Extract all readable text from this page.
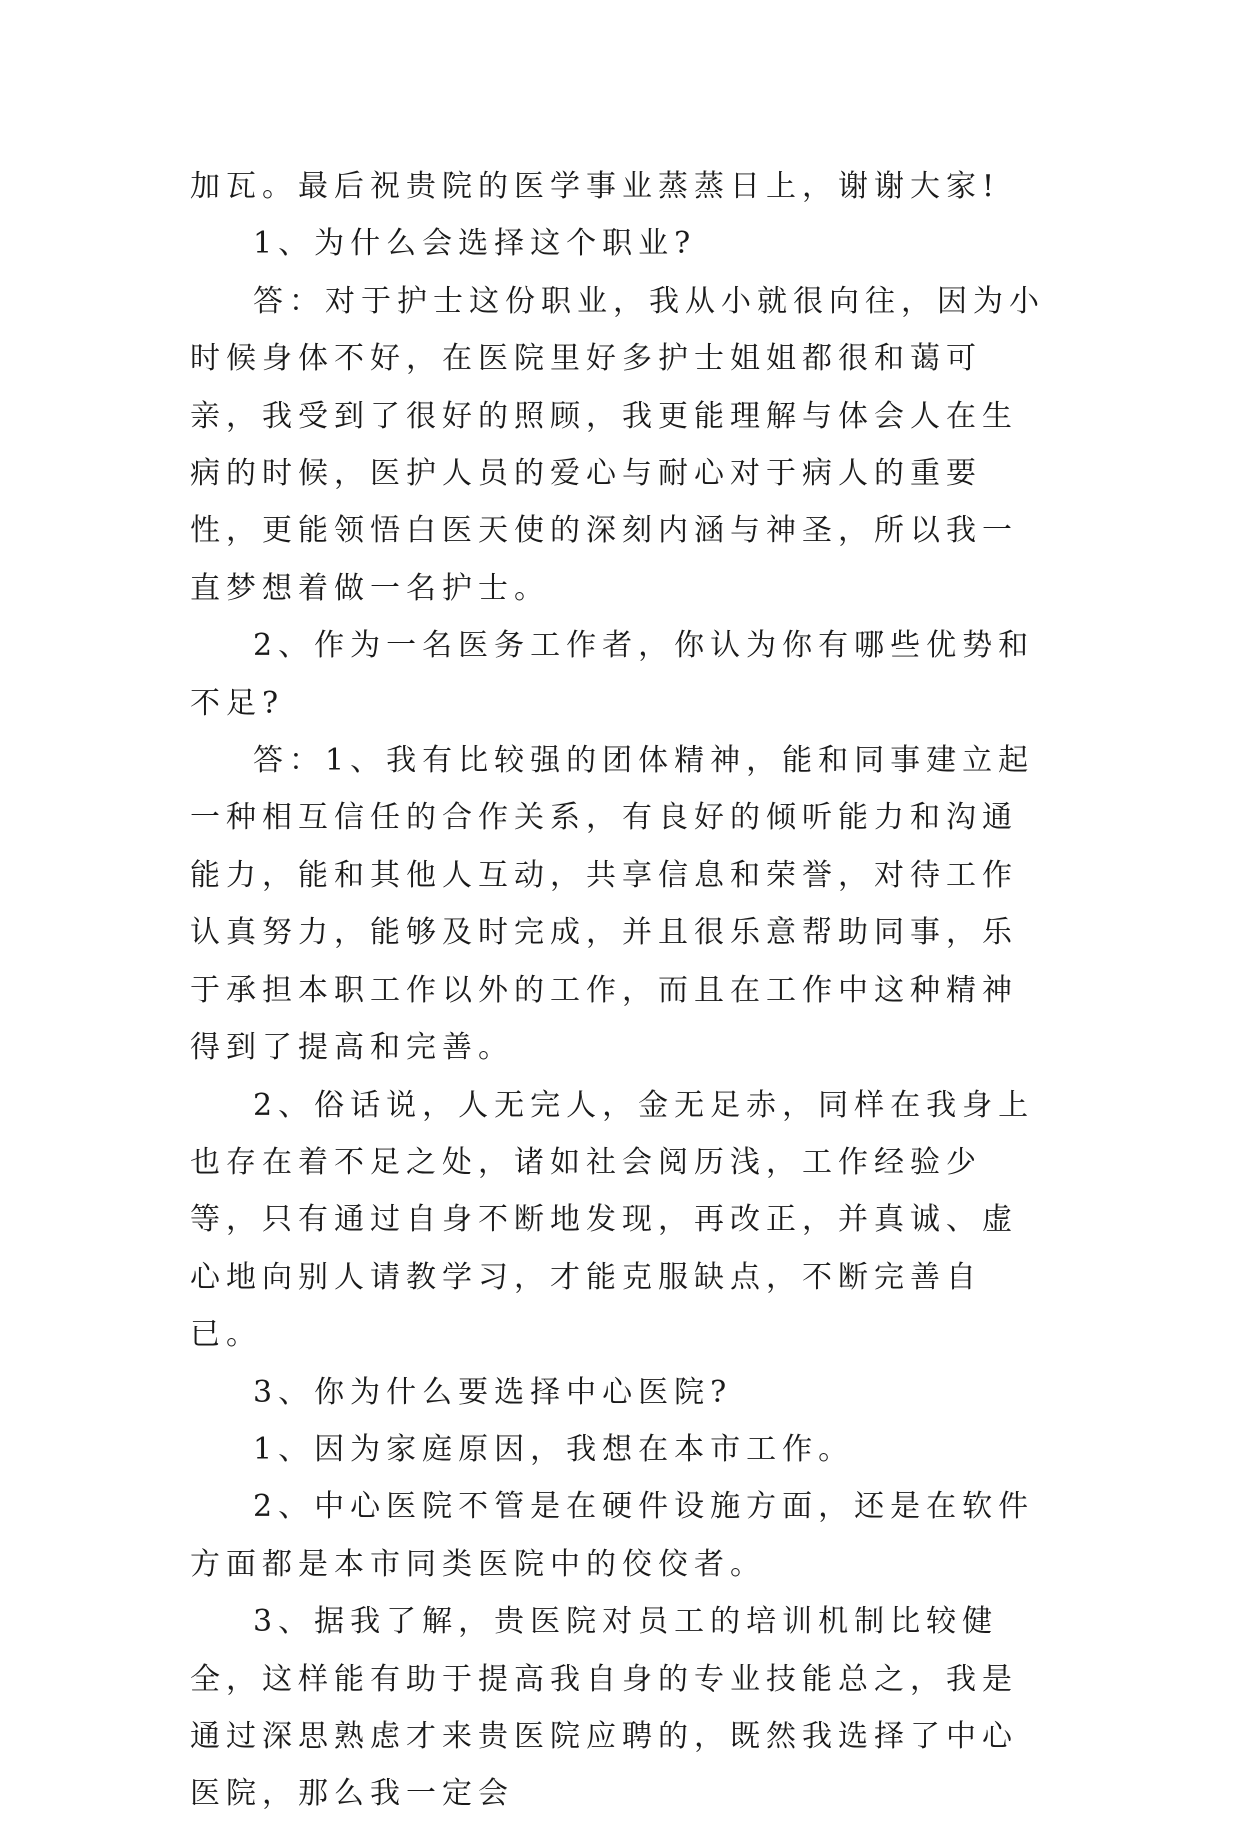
加瓦。最后祝贵院的医学事业蒸蒸日上，谢谢大家!

1、为什么会选择这个职业?

答：对于护士这份职业，我从小就很向往，因为小时候身体不好，在医院里好多护士姐姐都很和蔼可亲，我受到了很好的照顾，我更能理解与体会人在生病的时候，医护人员的爱心与耐心对于病人的重要性，更能领悟白医天使的深刻内涵与神圣，所以我一直梦想着做一名护士。

2、作为一名医务工作者，你认为你有哪些优势和不足?

答：1、我有比较强的团体精神，能和同事建立起一种相互信任的合作关系，有良好的倾听能力和沟通能力，能和其他人互动，共享信息和荣誉，对待工作认真努力，能够及时完成，并且很乐意帮助同事，乐于承担本职工作以外的工作，而且在工作中这种精神得到了提高和完善。

2、俗话说，人无完人，金无足赤，同样在我身上也存在着不足之处，诸如社会阅历浅，工作经验少等，只有通过自身不断地发现，再改正，并真诚、虚心地向别人请教学习，才能克服缺点，不断完善自已。

3、你为什么要选择中心医院?

1、因为家庭原因，我想在本市工作。

2、中心医院不管是在硬件设施方面，还是在软件方面都是本市同类医院中的佼佼者。

3、据我了解，贵医院对员工的培训机制比较健全，这样能有助于提高我自身的专业技能总之，我是通过深思熟虑才来贵医院应聘的，既然我选择了中心医院，那么我一定会
